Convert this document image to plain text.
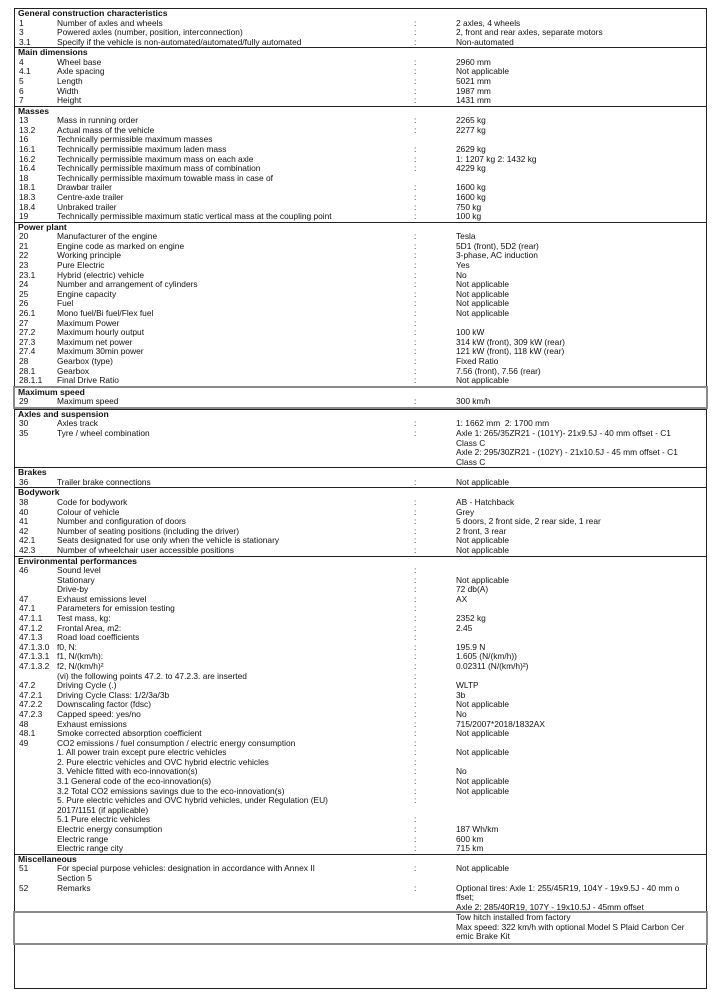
General construction characteristics
1	Number of axles and wheels	:	2 axles, 4 wheels
3	Powered axles (number, position, interconnection)	:	2, front and rear axles, separate motors
3.1	Specify if the vehicle is non-automated/automated/fully automated	:	Non-automated
Main dimensions
4	Wheel base	:	2960 mm
4.1	Axle spacing	:	Not applicable
5	Length	:	5021 mm
6	Width	:	1987 mm
7	Height	:	1431 mm
Masses
13	Mass in running order	:	2265 kg
13.2	Actual mass of the vehicle	:	2277 kg
16	Technically permissible maximum masses
16.1	Technically permissible maximum laden mass	:	2629 kg
16.2	Technically permissible maximum mass on each axle	:	1: 1207 kg 2: 1432 kg
16.4	Technically permissible maximum mass of combination	:	4229 kg
18	Technically permissible maximum towable mass in case of
18.1	Drawbar trailer	:	1600 kg
18.3	Centre-axle trailer	:	1600 kg
18.4	Unbraked trailer	:	750 kg
19	Technically permissible maximum static vertical mass at the coupling point	:	100 kg
Power plant
20	Manufacturer of the engine	:	Tesla
21	Engine code as marked on engine	:	5D1 (front), 5D2 (rear)
22	Working principle	:	3-phase, AC induction
23	Pure Electric	:	Yes
23.1	Hybrid (electric) vehicle	:	No
24	Number and arrangement of cylinders	:	Not applicable
25	Engine capacity	:	Not applicable
26	Fuel	:	Not applicable
26.1	Mono fuel/Bi fuel/Flex fuel	:	Not applicable
27	Maximum Power	:
27.2	Maximum hourly output	:	100 kW
27.3	Maximum net power	:	314 kW (front), 309 kW (rear)
27.4	Maximum 30min power	:	121 kW (front), 118 kW (rear)
28	Gearbox (type)	:	Fixed Ratio
28.1	Gearbox	:	7.56 (front), 7.56 (rear)
28.1.1	Final Drive Ratio	:	Not applicable
Maximum speed
29	Maximum speed	:	300 km/h
Axles and suspension
30	Axles track	:	1: 1662 mm  2: 1700 mm
35	Tyre / wheel combination	:	Axle 1: 265/35ZR21 - (101Y)- 21x9.5J - 40 mm offset - C1
Class C
Axle 2: 295/30ZR21 - (102Y) - 21x10.5J - 45 mm offset - C1
Class C
Brakes
36	Trailer brake connections	:	Not applicable
Bodywork
38	Code for bodywork	:	AB - Hatchback
40	Colour of vehicle	:	Grey
41	Number and configuration of doors	:	5 doors, 2 front side, 2 rear side, 1 rear
42	Number of seating positions (including the driver)	:	2 front, 3 rear
42.1	Seats designated for use only when the vehicle is stationary	:	Not applicable
42.3	Number of wheelchair user accessible positions	:	Not applicable
Environmental performances
46	Sound level	:
Stationary	:	Not applicable
Drive-by	:	72 db(A)
47	Exhaust emissions level	:	AX
47.1	Parameters for emission testing	:
47.1.1	Test mass, kg:	:	2352 kg
47.1.2	Frontal Area, m2:	:	2.45
47.1.3	Road load coefficients	:
47.1.3.0 f0, N:	:	195.9 N
47.1.3.1 f1, N/(km/h):	:	1.605 (N/(km/h))
47.1.3.2 f2, N/(km/h)²	:	0.02311 (N/(km/h)²)
(vi) the following points 47.2. to 47.2.3. are inserted	:
47.2	Driving Cycle (.)	:	WLTP
47.2.1	Driving Cycle Class: 1/2/3a/3b	:	3b
47.2.2	Downscaling factor (fdsc)	:	Not applicable
47.2.3	Capped speed: yes/no	:	No
48	Exhaust emissions	:	715/2007*2018/1832AX
48.1	Smoke corrected absorption coefficient	:	Not applicable
49	CO2 emissions / fuel consumption / electric energy consumption	:
1. All power train except pure electric vehicles	:	Not applicable
2. Pure electric vehicles and OVC hybrid electric vehicles	:
3. Vehicle fitted with eco-innovation(s)	:	No
3.1 General code of the eco-innovation(s)	:	Not applicable
3.2 Total CO2 emissions savings due to the eco-innovation(s)	:	Not applicable
5. Pure electric vehicles and OVC hybrid vehicles, under Regulation (EU)	:
2017/1151 (if applicable)
5.1 Pure electric vehicles	:
Electric energy consumption	:	187 Wh/km
Electric range	:	600 km
Electric range city	:	715 km
Miscellaneous
51	For special purpose vehicles: designation in accordance with Annex II	:	Not applicable
Section 5
52	Remarks	:	Optional tires: Axle 1: 255/45R19, 104Y - 19x9.5J - 40 mm o
ffset;
Axle 2: 285/40R19, 107Y - 19x10.5J - 45mm offset
Tow hitch installed from factory
Max speed: 322 km/h with optional Model S Plaid Carbon Cer
emic Brake Kit
